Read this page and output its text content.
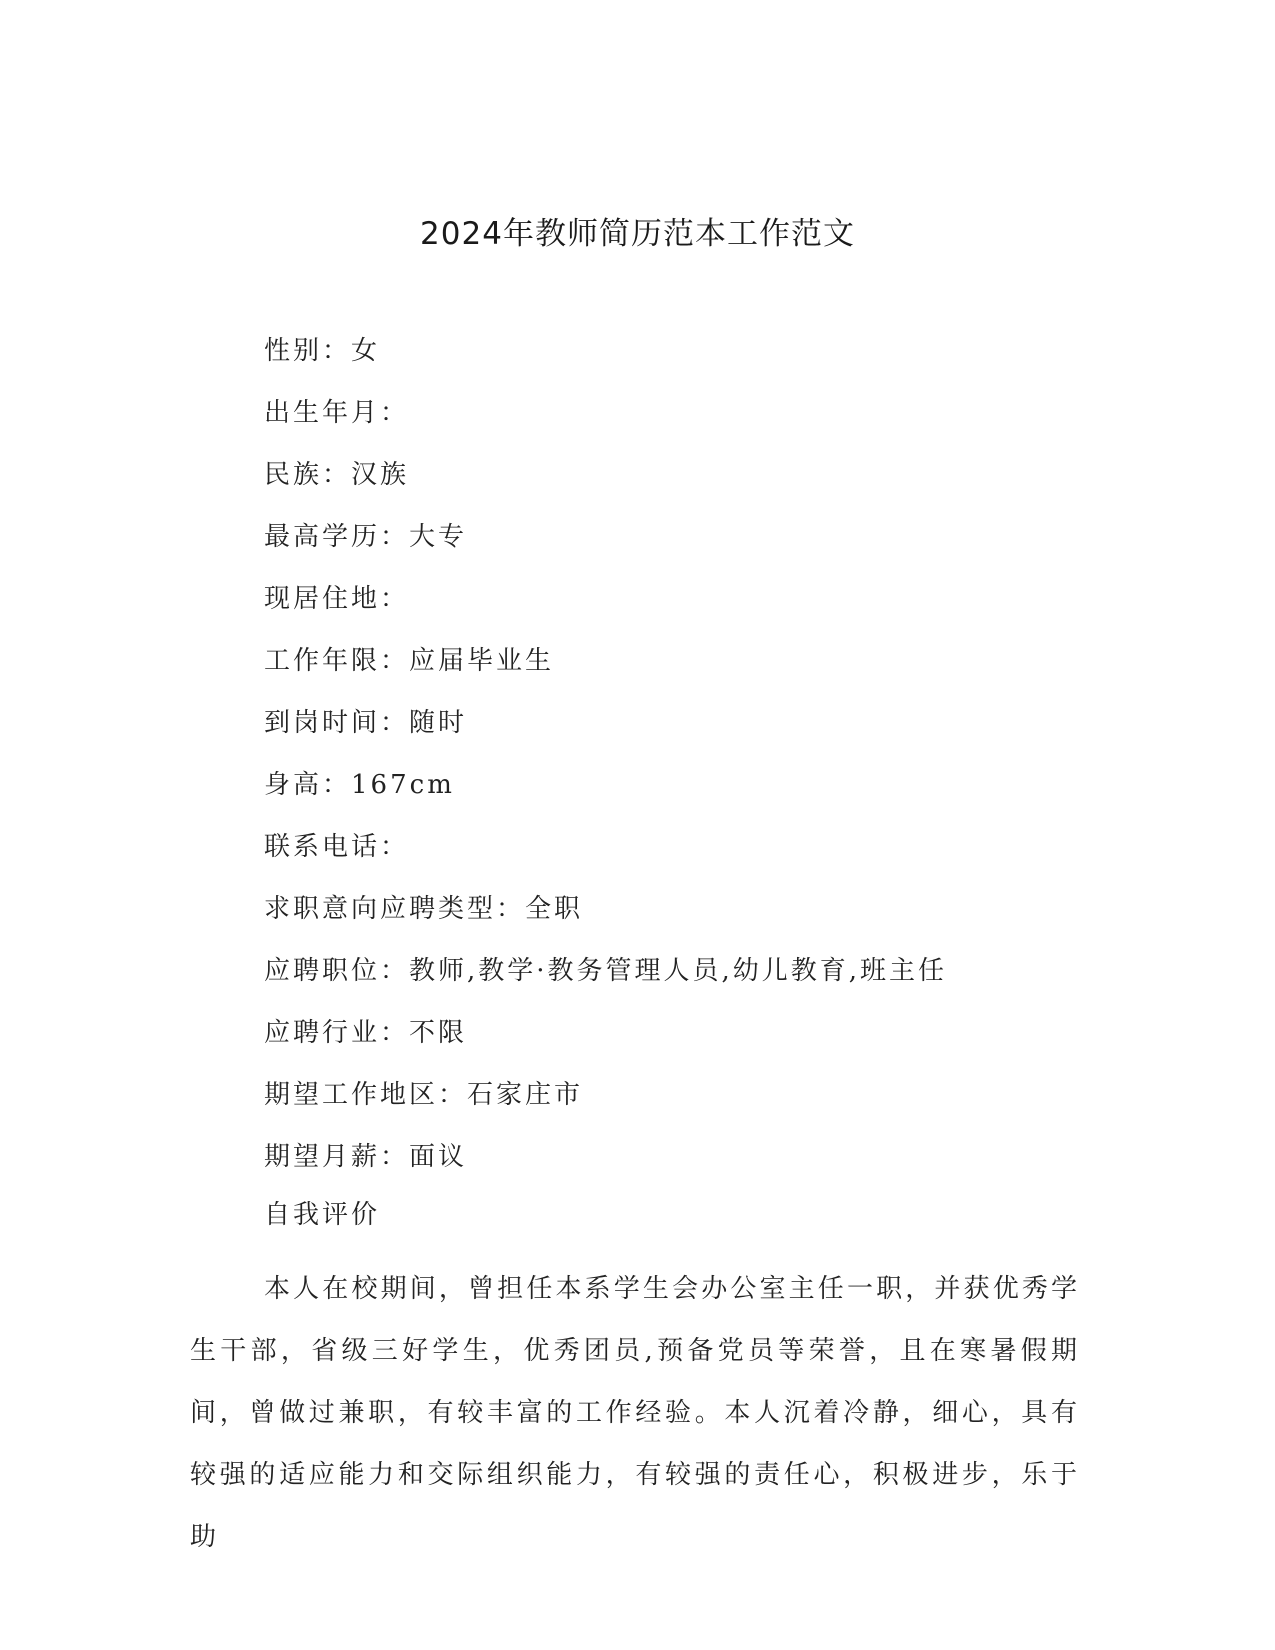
2024年教师简历范本工作范文
性别：女
出生年月：
民族：汉族
最高学历：大专
现居住地：
工作年限：应届毕业生
到岗时间：随时
身高：167cm
联系电话：
求职意向应聘类型：全职
应聘职位：教师,教学·教务管理人员,幼儿教育,班主任
应聘行业：不限
期望工作地区：石家庄市
期望月薪：面议
自我评价

本人在校期间，曾担任本系学生会办公室主任一职，并获优秀学生干部，省级三好学生，优秀团员,预备党员等荣誉，且在寒暑假期间，曾做过兼职，有较丰富的工作经验。本人沉着冷静，细心，具有较强的适应能力和交际组织能力，有较强的责任心，积极进步，乐于助
